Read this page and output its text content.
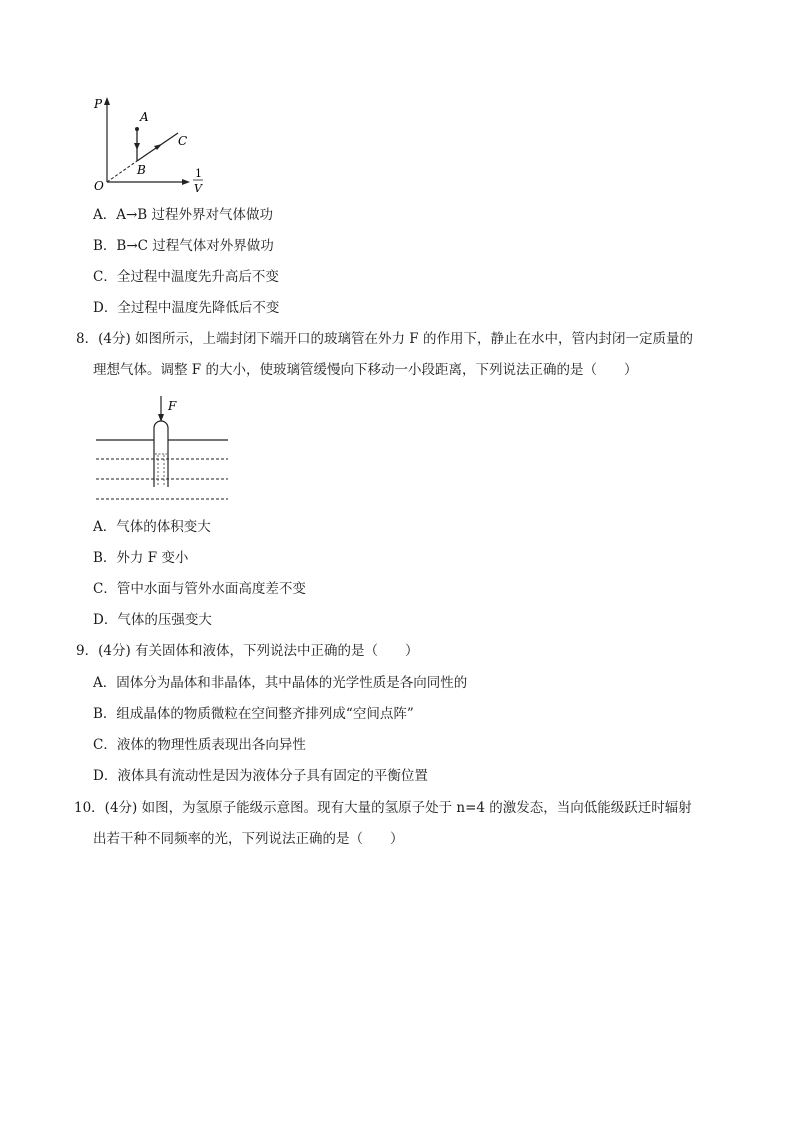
P
O
A
B
C
1
V
A．A→B 过程外界对气体做功
B．B→C 过程气体对外界做功
C．全过程中温度先升高后不变
D．全过程中温度先降低后不变
8．(4分) 如图所示，上端封闭下端开口的玻璃管在外力 F 的作用下，静止在水中，管内封闭一定质量的
理想气体。调整 F 的大小，使玻璃管缓慢向下移动一小段距离，下列说法正确的是（　　）
F
A．气体的体积变大
B．外力 F 变小
C．管中水面与管外水面高度差不变
D．气体的压强变大
9．(4分) 有关固体和液体，下列说法中正确的是（　　）
A．固体分为晶体和非晶体，其中晶体的光学性质是各向同性的
B．组成晶体的物质微粒在空间整齐排列成“空间点阵”
C．液体的物理性质表现出各向异性
D．液体具有流动性是因为液体分子具有固定的平衡位置
10．(4分) 如图，为氢原子能级示意图。现有大量的氢原子处于 n=4 的激发态，当向低能级跃迁时辐射
出若干种不同频率的光，下列说法正确的是（　　）
